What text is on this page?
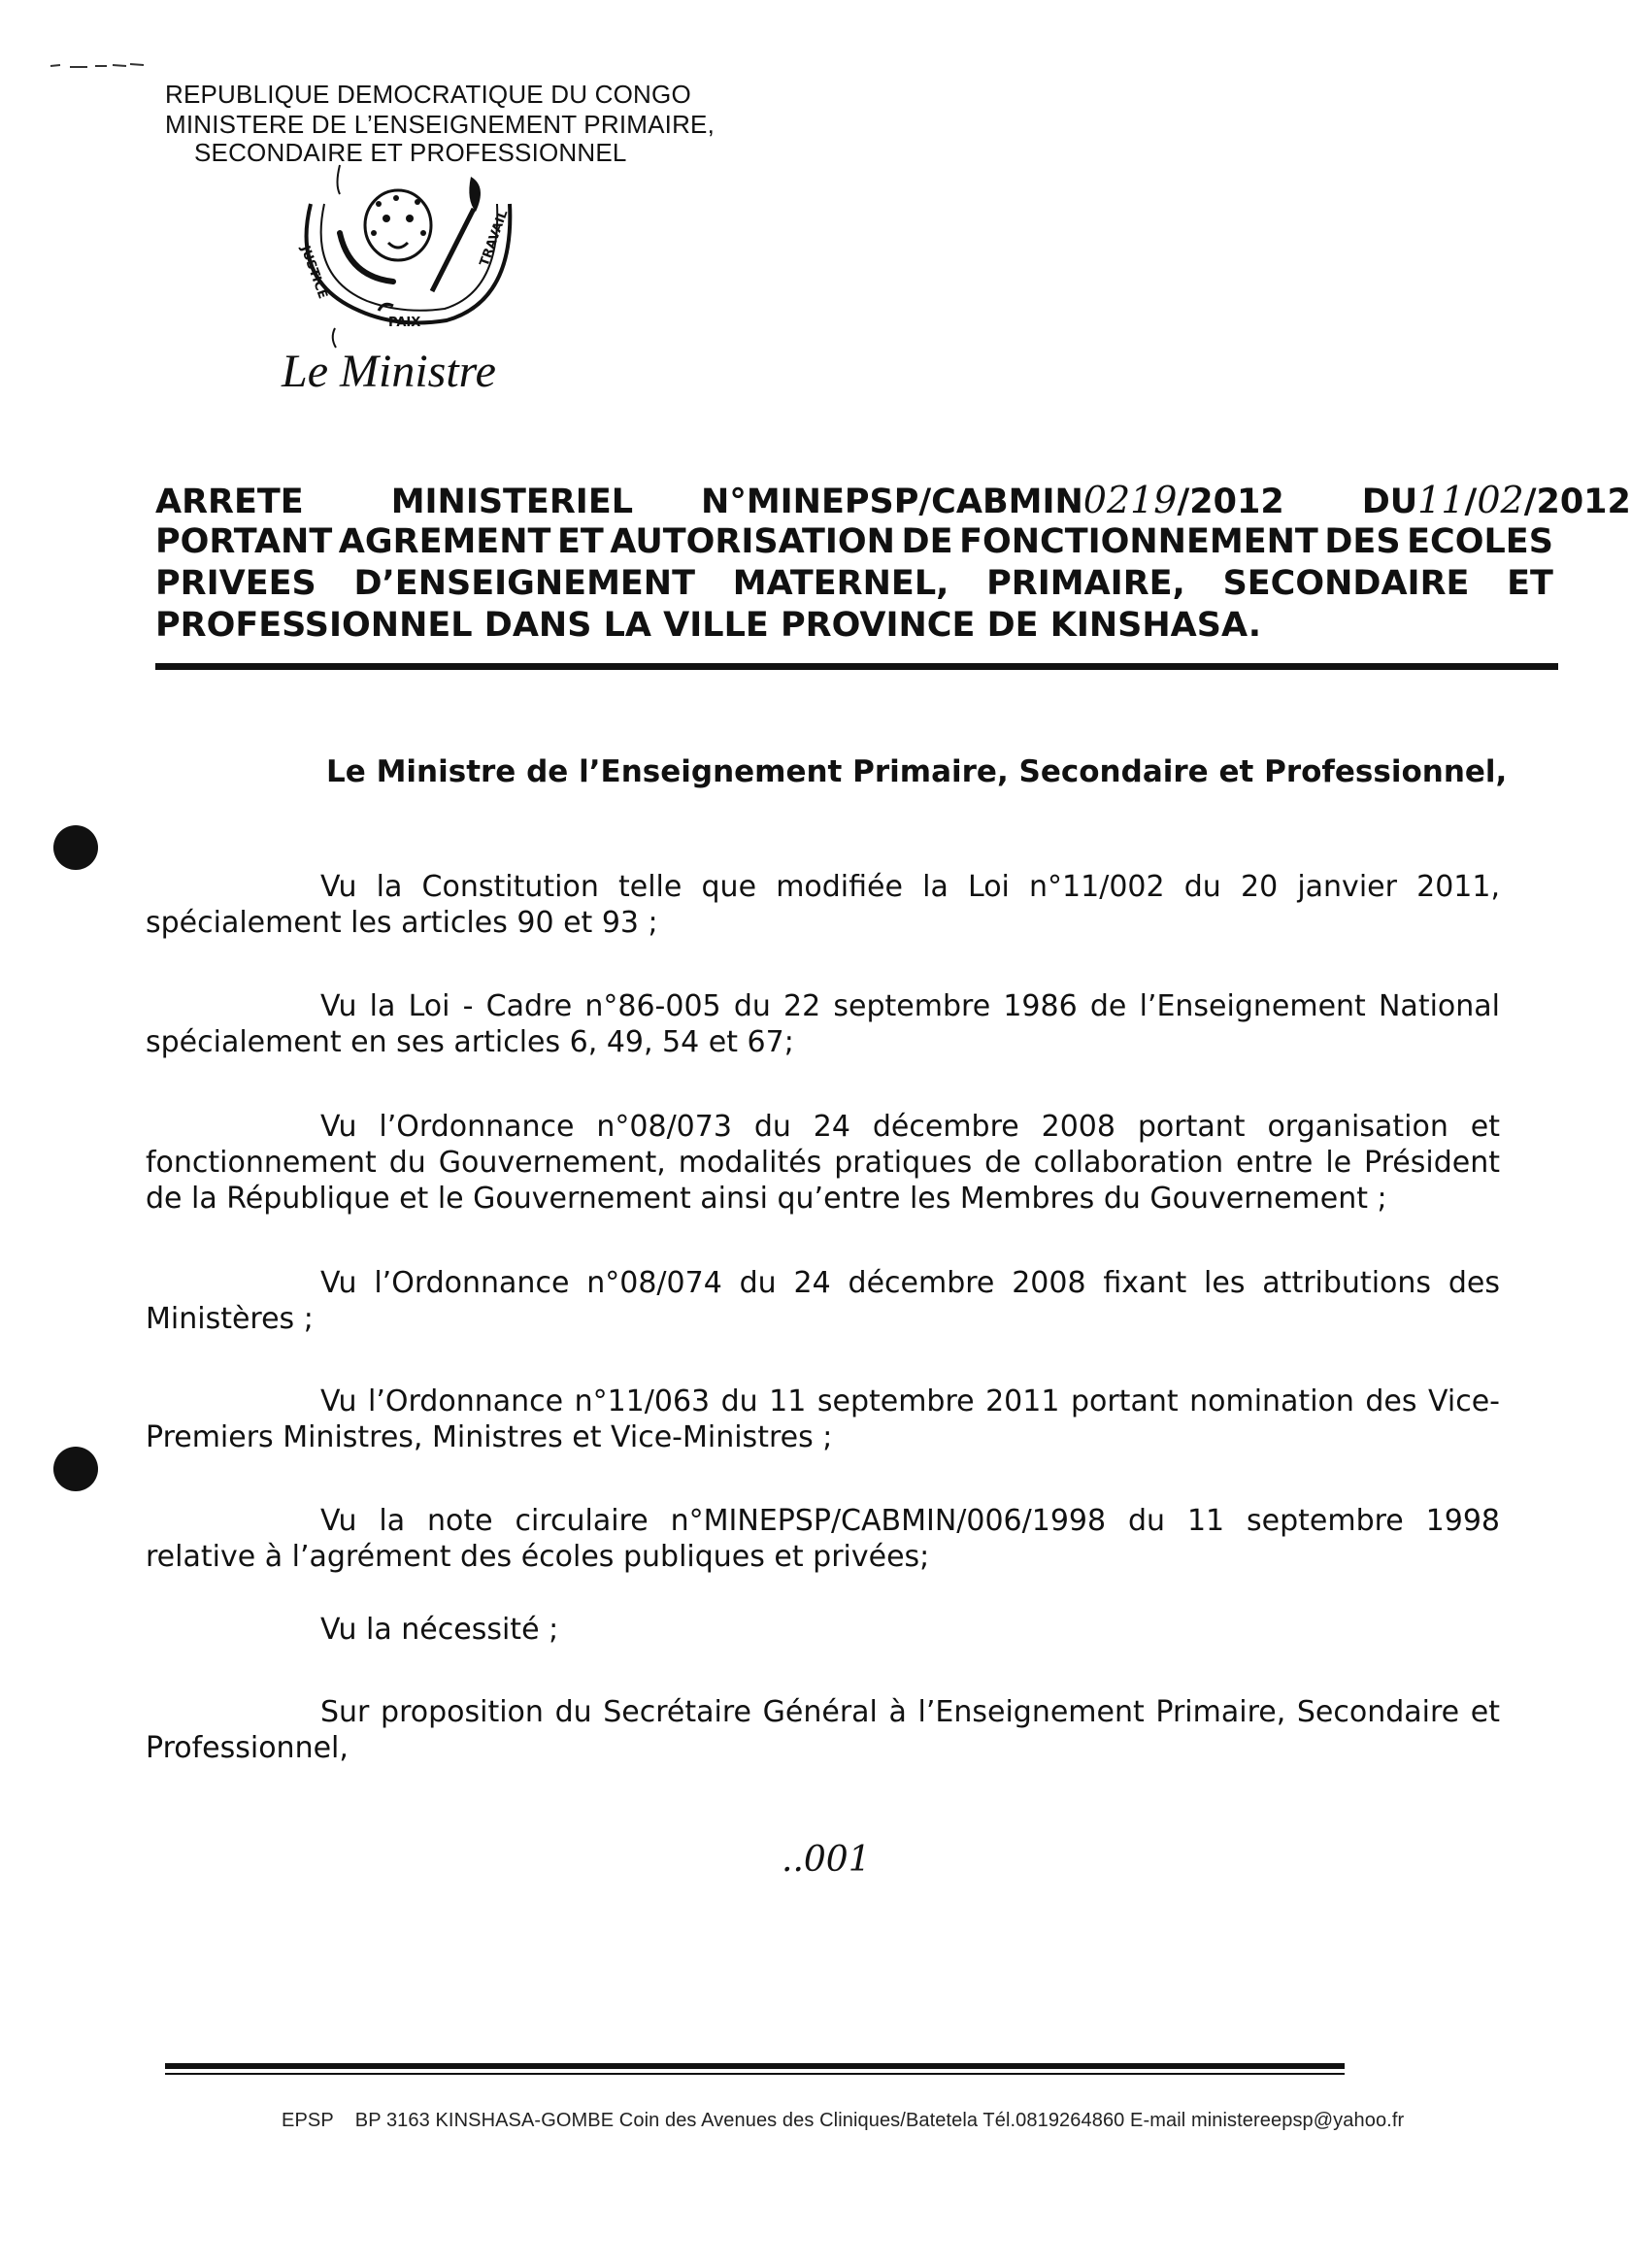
REPUBLIQUE DEMOCRATIQUE DU CONGO
MINISTERE DE L’ENSEIGNEMENT PRIMAIRE,
SECONDAIRE ET PROFESSIONNEL
JUSTICE
PAIX
TRAVAIL
Le Ministre
ARRETE	MINISTERIEL N°MINEPSP/CABMIN0219/2012 DU11/02/2012
PORTANT AGREMENT ET AUTORISATION DE FONCTIONNEMENT DES ECOLES
PRIVEES D’ENSEIGNEMENT MATERNEL, PRIMAIRE, SECONDAIRE ET
PROFESSIONNEL DANS LA VILLE PROVINCE DE KINSHASA.
Le Ministre de l’Enseignement Primaire, Secondaire et Professionnel,
Vu la Constitution telle que modifiée la Loi n°11/002 du 20 janvier 2011, spécialement les articles 90 et 93 ;
Vu la Loi - Cadre n°86-005 du 22 septembre 1986 de l’Enseignement National spécialement en ses articles 6, 49, 54 et 67;
Vu l’Ordonnance n°08/073 du 24 décembre 2008 portant organisation et fonctionnement du Gouvernement, modalités pratiques de collaboration entre le Président de la République et le Gouvernement ainsi qu’entre les Membres du Gouvernement ;
Vu l’Ordonnance n°08/074 du 24 décembre 2008 fixant les attributions des Ministères ;
Vu l’Ordonnance n°11/063 du 11 septembre 2011 portant nomination des Vice-Premiers Ministres, Ministres et Vice-Ministres ;
Vu la note circulaire n°MINEPSP/CABMIN/006/1998 du 11 septembre 1998 relative à l’agrément des écoles publiques et privées;
Vu la nécessité ;
Sur proposition du Secrétaire Général à l’Enseignement Primaire, Secondaire et Professionnel,
..001
EPSP BP 3163 KINSHASA-GOMBE Coin des Avenues des Cliniques/Batetela Tél.0819264860 E-mail ministereepsp@yahoo.fr
